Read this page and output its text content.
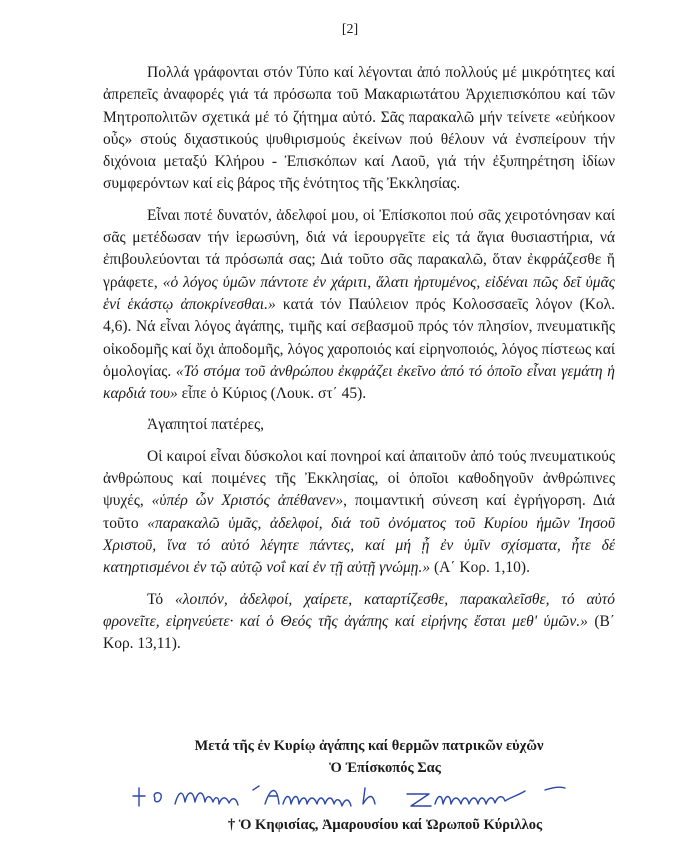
[2]

Πολλά γράφονται στόν Τύπο καί λέγονται ἀπό πολλούς μέ μικρότητες καί ἀπρεπεῖς ἀναφορές γιά τά πρόσωπα τοῦ Μακαριωτάτου Ἀρχιεπισκόπου καί τῶν Μητροπολιτῶν σχετικά μέ τό ζήτημα αὐτό. Σᾶς παρακαλῶ μήν τείνετε «εὐήκοον οὖς» στούς διχαστικούς ψυθιρισμούς ἐκείνων πού θέλουν νά ἐνσπείρουν τήν διχόνοια μεταξύ Κλήρου - Ἐπισκόπων καί Λαοῦ, γιά τήν ἐξυπηρέτηση ἰδίων συμφερόντων καί εἰς βάρος τῆς ἑνότητος τῆς Ἐκκλησίας.

Εἶναι ποτέ δυνατόν, ἀδελφοί μου, οἱ Ἐπίσκοποι πού σᾶς χειροτόνησαν καί σᾶς μετέδωσαν τήν ἱερωσύνη, διά νά ἱερουργεῖτε εἰς τά ἅγια θυσιαστήρια, νά ἐπιβουλεύονται τά πρόσωπά σας; Διά τοῦτο σᾶς παρακαλῶ, ὅταν ἐκφράζεσθε ἤ γράφετε, «ὁ λόγος ὑμῶν πάντοτε ἐν χάριτι, ἅλατι ἠρτυμένος, εἰδέναι πῶς δεῖ ὑμᾶς ἑνί ἑκάστῳ ἀποκρίνεσθαι.» κατά τόν Παύλειον πρός Κολοσσαεῖς λόγον (Κολ. 4,6). Νά εἶναι λόγος ἀγάπης, τιμῆς καί σεβασμοῦ πρός τόν πλησίον, πνευματικῆς οἰκοδομῆς καί ὄχι ἀποδομῆς, λόγος χαροποιός καί εἰρηνοποιός, λόγος πίστεως καί ὁμολογίας. «Τό στόμα τοῦ ἀνθρώπου ἐκφράζει ἐκεῖνο ἀπό τό ὁποῖο εἶναι γεμάτη ἡ καρδιά του» εἶπε ὁ Κύριος (Λουκ. στ΄ 45).

Ἀγαπητοί πατέρες,

Οἱ καιροί εἶναι δύσκολοι καί πονηροί καί ἀπαιτοῦν ἀπό τούς πνευματικούς ἀνθρώπους καί ποιμένες τῆς Ἐκκλησίας, οἱ ὁποῖοι καθοδηγοῦν ἀνθρώπινες ψυχές, «ὑπέρ ὧν Χριστός ἀπέθανεν», ποιμαντική σύνεση καί ἐγρήγορση. Διά τοῦτο «παρακαλῶ ὑμᾶς, ἀδελφοί, διά τοῦ ὀνόματος τοῦ Κυρίου ἡμῶν Ἰησοῦ Χριστοῦ, ἵνα τό αὐτό λέγητε πάντες, καί μή ᾖ ἐν ὑμῖν σχίσματα, ἦτε δέ κατηρτισμένοι ἐν τῷ αὐτῷ νοΐ καί ἐν τῇ αὐτῇ γνώμῃ.» (Α΄ Κορ. 1,10).

Τό «λοιπόν, ἀδελφοί, χαίρετε, καταρτίζεσθε, παρακαλεῖσθε, τό αὐτό φρονεῖτε, εἰρηνεύετε· καί ὁ Θεός τῆς ἀγάπης καί εἰρήνης ἔσται μεθ' ὑμῶν.» (Β΄ Κορ. 13,11).

Μετά τῆς ἐν Κυρίῳ ἀγάπης καί θερμῶν πατρικῶν εὐχῶν
Ὁ Ἐπίσκοπός Σας
† Ὁ Κηφισίας, Ἀμαρουσίου καί Ὠρωποῦ Κύριλλος
